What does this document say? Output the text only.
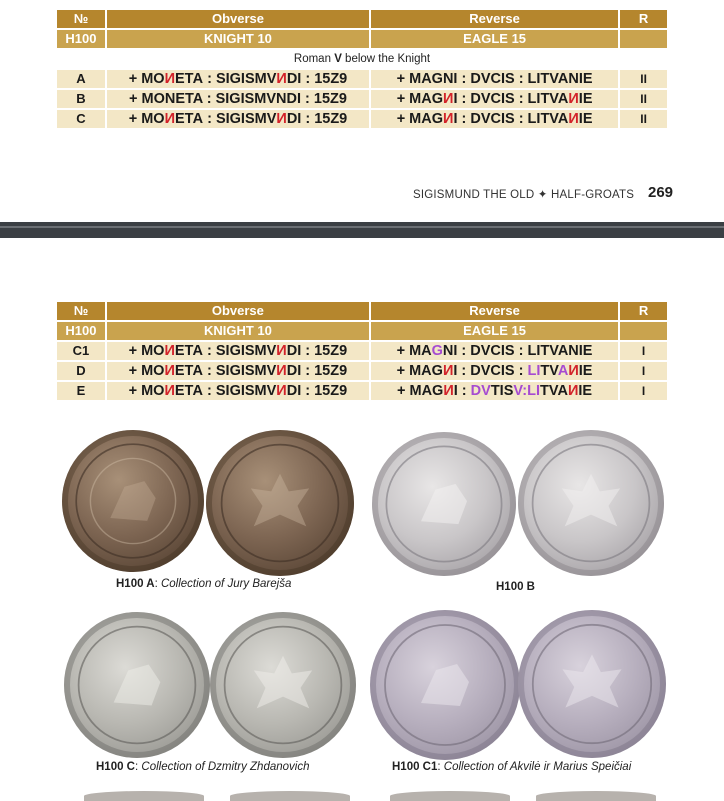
№	Obverse	Reverse	R
H100	KNIGHT 10	EAGLE 15	
Roman V below the Knight			
A	+ МОИЕТА : SIGISMVИDI : 15Z9	+ MAGNI : DVCIS : LITVANIE	II
B	+ MONETA : SIGISMVNDI : 15Z9	+ MAGИI : DVCIS : LITVAИIE	II
C	+ МОИЕТА : SIGISMVИDI : 15Z9	+ MAGИI : DVCIS : LITVAИIE	II
SIGISMUND THE OLD ✦ HALF-GROATS 269
№	Obverse	Reverse	R
H100	KNIGHT 10	EAGLE 15	
C1	+ МОИЕТА : SIGISMVИDI : 15Z9	+ MAGNI : DVCIS : LITVANIE	I
D	+ МОИЕТА : SIGISMVИDI : 15Z9	+ MAGИI : DVCIS : LITVAИIE	I
E	+ МОИЕТА : SIGISMVИDI : 15Z9	+ MAGИI : DVTISV:LITVAИIE	I
H100 A: Collection of Jury Barejša	H100 B
H100 C: Collection of Dzmitry Zhdanovich	H100 C1: Collection of Akvilė ir Marius Speičiai
